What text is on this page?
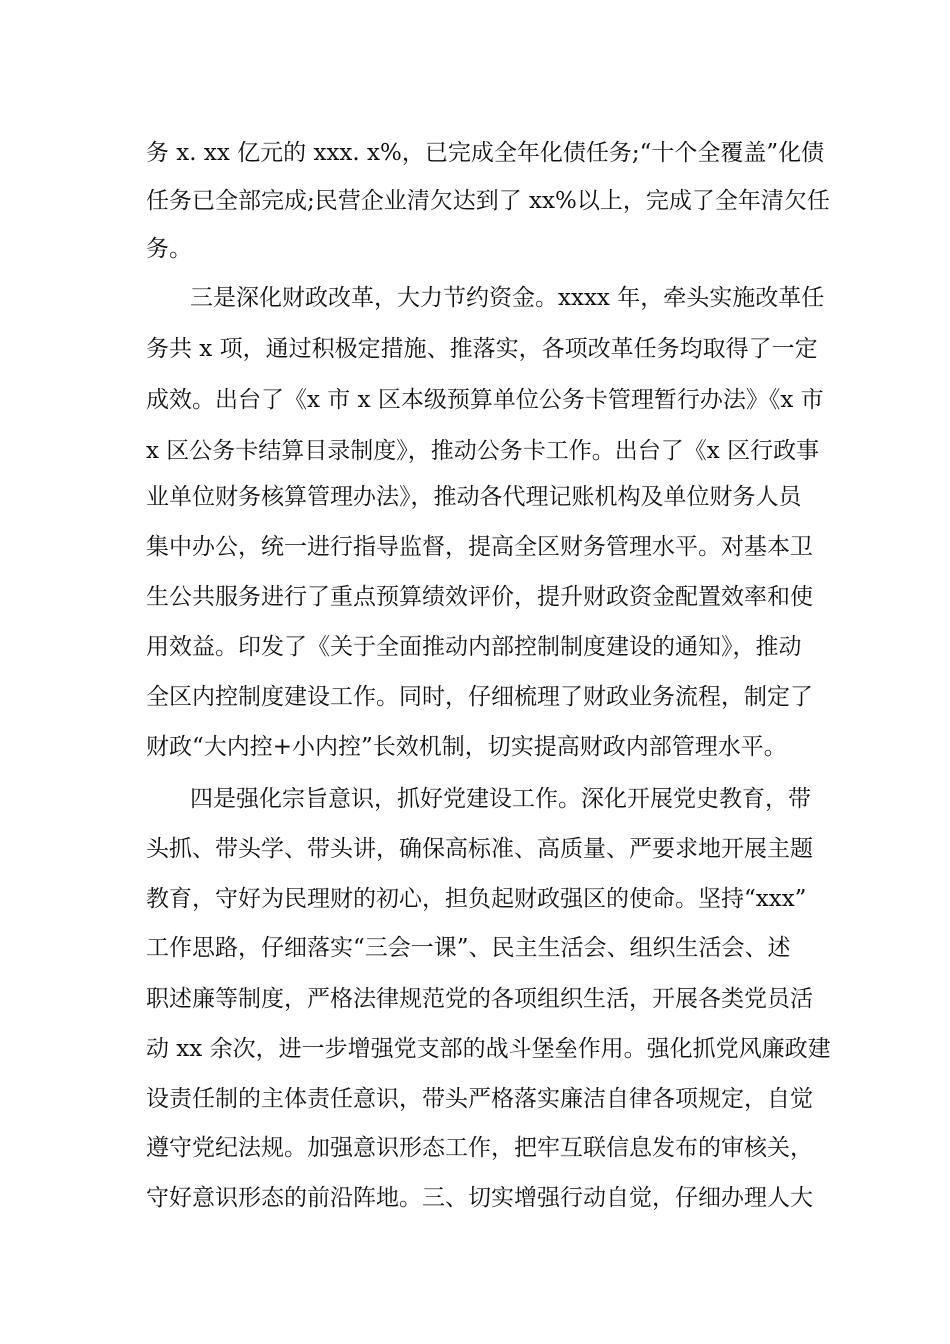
务 x. xx 亿元的 xxx. x%，已完成全年化债任务;“十个全覆盖”化债
任务已全部完成;民营企业清欠达到了 xx%以上，完成了全年清欠任
务。
三是深化财政改革，大力节约资金。xxxx 年，牵头实施改革任
务共 x 项，通过积极定措施、推落实，各项改革任务均取得了一定
成效。出台了《x 市 x 区本级预算单位公务卡管理暂行办法》《x 市
x 区公务卡结算目录制度》，推动公务卡工作。出台了《x 区行政事
业单位财务核算管理办法》，推动各代理记账机构及单位财务人员
集中办公，统一进行指导监督，提高全区财务管理水平。对基本卫
生公共服务进行了重点预算绩效评价，提升财政资金配置效率和使
用效益。印发了《关于全面推动内部控制制度建设的通知》，推动
全区内控制度建设工作。同时，仔细梳理了财政业务流程，制定了
财政“大内控+小内控”长效机制，切实提高财政内部管理水平。
四是强化宗旨意识，抓好党建设工作。深化开展党史教育，带
头抓、带头学、带头讲，确保高标准、高质量、严要求地开展主题
教育，守好为民理财的初心，担负起财政强区的使命。坚持“xxx”
工作思路，仔细落实“三会一课”、民主生活会、组织生活会、述
职述廉等制度，严格法律规范党的各项组织生活，开展各类党员活
动 xx 余次，进一步增强党支部的战斗堡垒作用。强化抓党风廉政建
设责任制的主体责任意识，带头严格落实廉洁自律各项规定，自觉
遵守党纪法规。加强意识形态工作，把牢互联信息发布的审核关，
守好意识形态的前沿阵地。三、切实增强行动自觉，仔细办理人大
